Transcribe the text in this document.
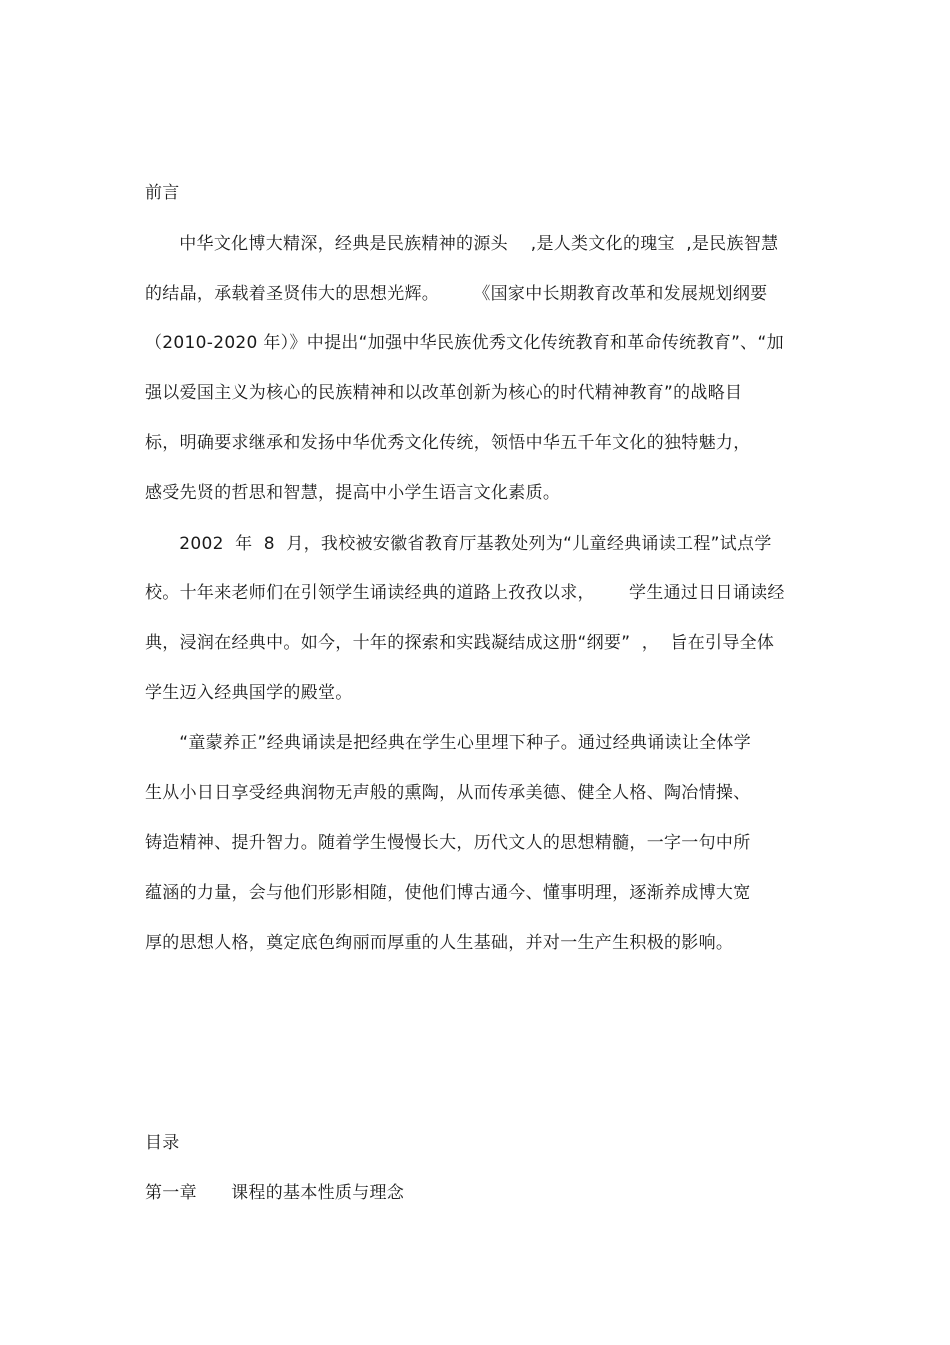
前言
中华文化博大精深，经典是民族精神的源头    ,是人类文化的瑰宝  ,是民族智慧
的结晶，承载着圣贤伟大的思想光辉。      《国家中长期教育改革和发展规划纲要
（2010-2020 年）》中提出“加强中华民族优秀文化传统教育和革命传统教育”、“加
强以爱国主义为核心的民族精神和以改革创新为核心的时代精神教育”的战略目
标，明确要求继承和发扬中华优秀文化传统，领悟中华五千年文化的独特魅力，
感受先贤的哲思和智慧，提高中小学生语言文化素质。
2002  年  8  月，我校被安徽省教育厅基教处列为“儿童经典诵读工程”试点学
校。十年来老师们在引领学生诵读经典的道路上孜孜以求，      学生通过日日诵读经
典，浸润在经典中。如今，十年的探索和实践凝结成这册“纲要”  ，  旨在引导全体
学生迈入经典国学的殿堂。
“童蒙养正”经典诵读是把经典在学生心里埋下种子。通过经典诵读让全体学
生从小日日享受经典润物无声般的熏陶，从而传承美德、健全人格、陶冶情操、
铸造精神、提升智力。随着学生慢慢长大，历代文人的思想精髓，一字一句中所
蕴涵的力量，会与他们形影相随，使他们博古通今、懂事明理，逐渐养成博大宽
厚的思想人格，奠定底色绚丽而厚重的人生基础，并对一生产生积极的影响。
目录
第一章      课程的基本性质与理念
